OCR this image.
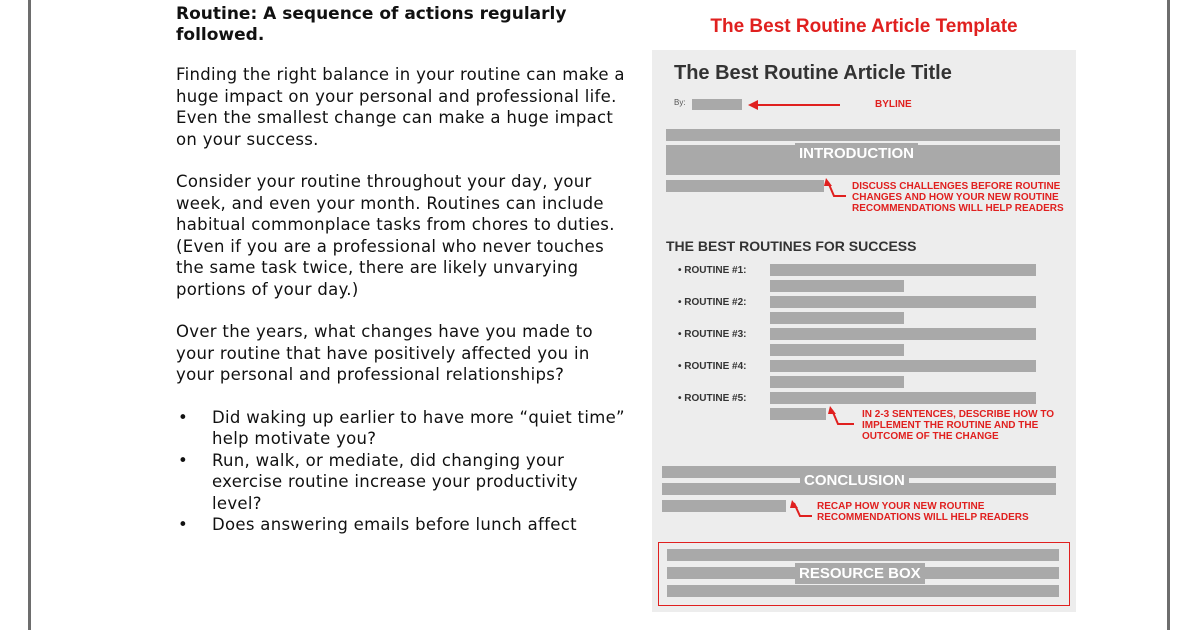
Routine: A sequence of actions regularly followed.

Finding the right balance in your routine can make a huge impact on your personal and professional life. Even the smallest change can make a huge impact on your success.

Consider your routine throughout your day, your week, and even your month. Routines can include habitual commonplace tasks from chores to duties. (Even if you are a professional who never touches the same task twice, there are likely unvarying portions of your day.)

Over the years, what changes have you made to your routine that have positively affected you in your personal and professional relationships?

• Did waking up earlier to have more “quiet time” help motivate you?
• Run, walk, or mediate, did changing your exercise routine increase your productivity level?
• Does answering emails before lunch affect
The Best Routine Article Template
The Best Routine Article Title
By:	BYLINE
INTRODUCTION
DISCUSS CHALLENGES BEFORE ROUTINE CHANGES AND HOW YOUR NEW ROUTINE RECOMMENDATIONS WILL HELP READERS
THE BEST ROUTINES FOR SUCCESS
• ROUTINE #1:
• ROUTINE #2:
• ROUTINE #3:
• ROUTINE #4:
• ROUTINE #5:
IN 2-3 SENTENCES, DESCRIBE HOW TO IMPLEMENT THE ROUTINE AND THE OUTCOME OF THE CHANGE
CONCLUSION
RECAP HOW YOUR NEW ROUTINE RECOMMENDATIONS WILL HELP READERS
RESOURCE BOX
